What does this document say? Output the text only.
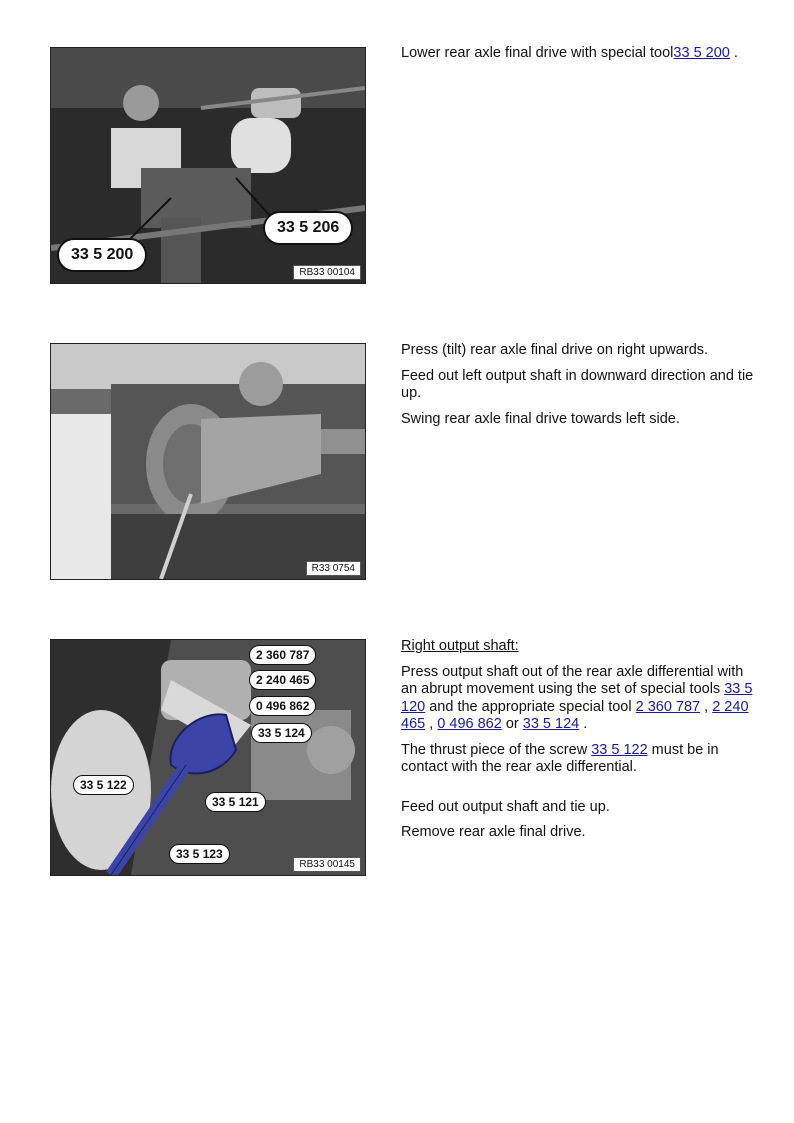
33 5 206
33 5 200
RB33 00104

Lower rear axle final drive with special tool33 5 200 .

R33 0754

Press (tilt) rear axle final drive on right upwards.

Feed out left output shaft in downward direction and tie up.

Swing rear axle final drive towards left side.

2 360 787
2 240 465
0 496 862
33 5 124
33 5 122
33 5 121
33 5 123
RB33 00145

Right output shaft:

Press output shaft out of the rear axle differential with an abrupt movement using the set of special tools 33 5 120 and the appropriate special tool 2 360 787 , 2 240 465 , 0 496 862 or 33 5 124 .

The thrust piece of the screw 33 5 122 must be in contact with the rear axle differential.

Feed out output shaft and tie up.

Remove rear axle final drive.
